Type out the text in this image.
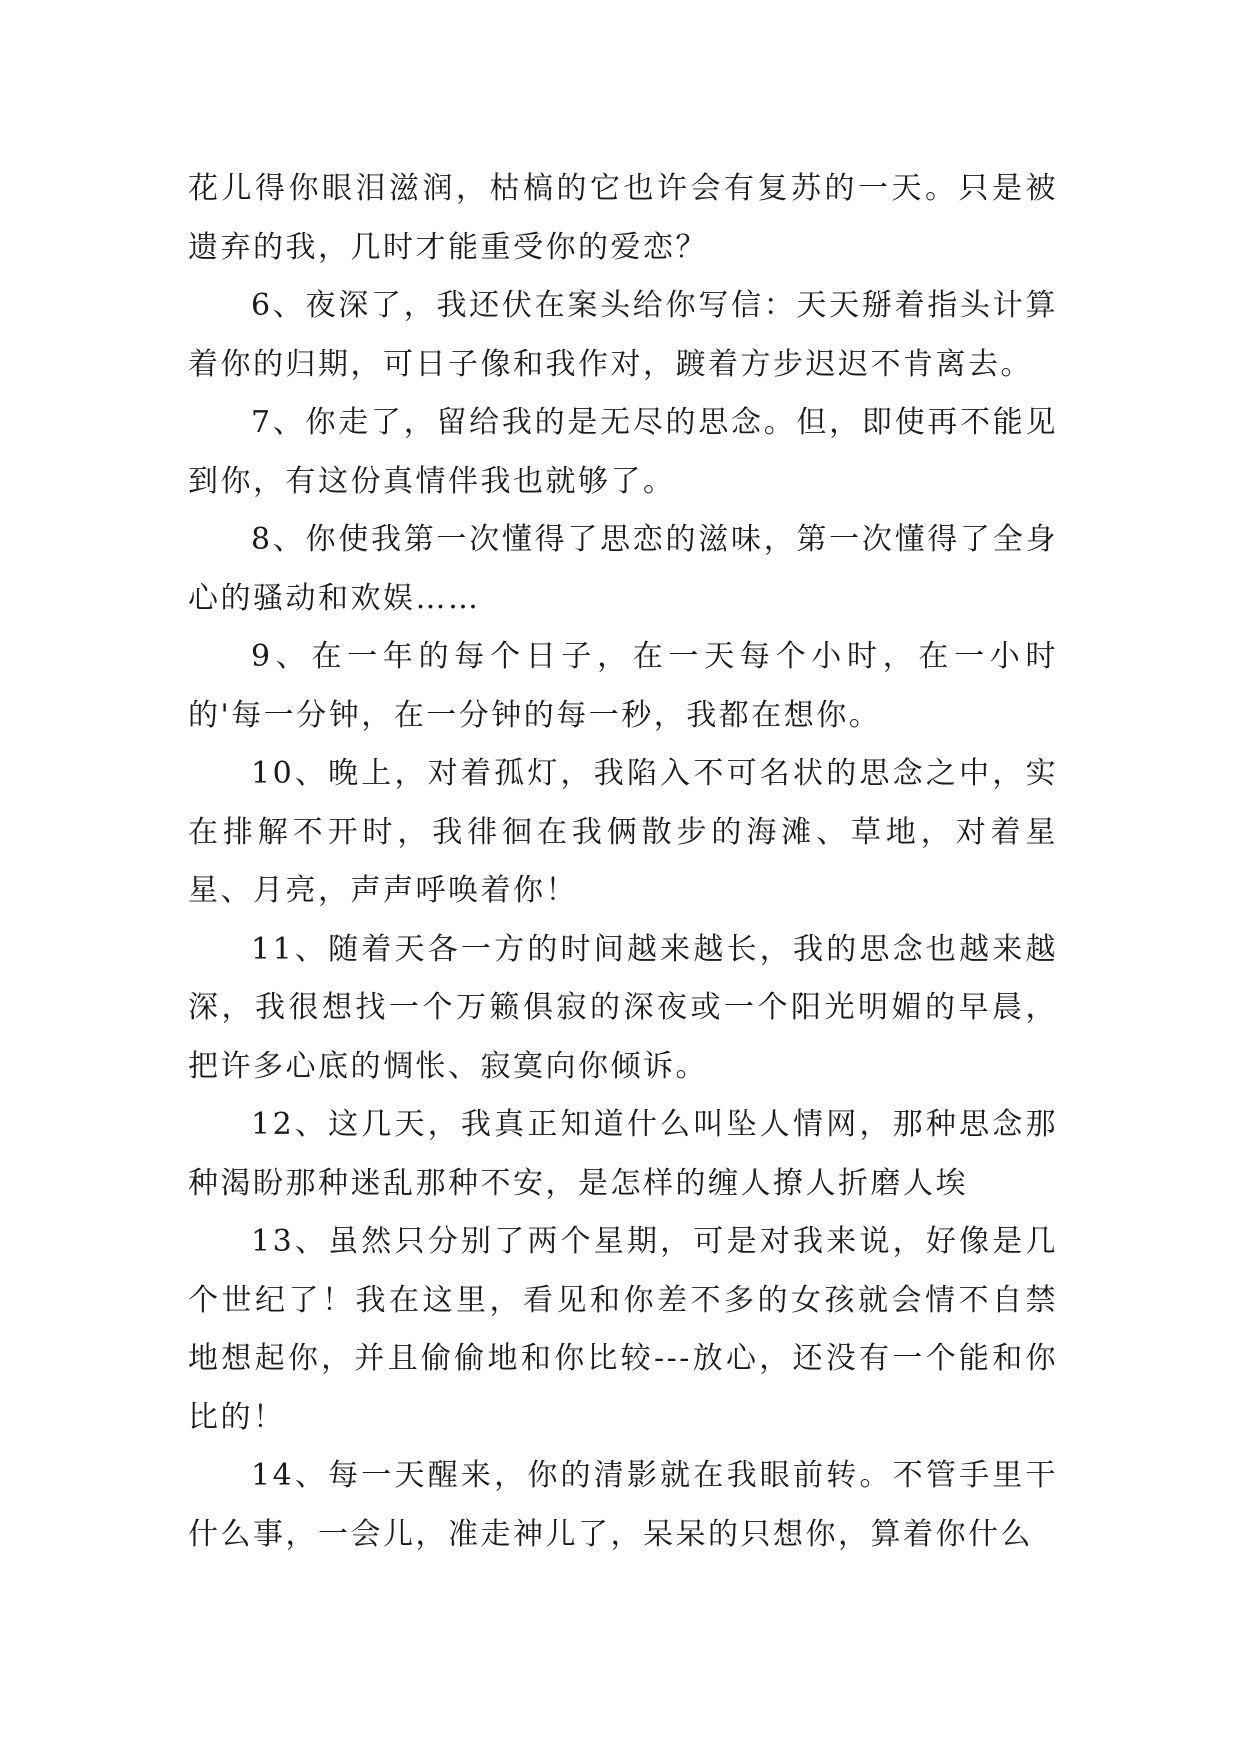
花儿得你眼泪滋润，枯槁的它也许会有复苏的一天。只是被遗弃的我，几时才能重受你的爱恋？

6、夜深了，我还伏在案头给你写信：天天掰着指头计算着你的归期，可日子像和我作对，踱着方步迟迟不肯离去。

7、你走了，留给我的是无尽的思念。但，即使再不能见到你，有这份真情伴我也就够了。

8、你使我第一次懂得了思恋的滋味，第一次懂得了全身心的骚动和欢娱……

9、在一年的每个日子，在一天每个小时，在一小时的'每一分钟，在一分钟的每一秒，我都在想你。

10、晚上，对着孤灯，我陷入不可名状的思念之中，实在排解不开时，我徘徊在我俩散步的海滩、草地，对着星星、月亮，声声呼唤着你！

11、随着天各一方的时间越来越长，我的思念也越来越深，我很想找一个万籁俱寂的深夜或一个阳光明媚的早晨，把许多心底的惆怅、寂寞向你倾诉。

12、这几天，我真正知道什么叫坠人情网，那种思念那种渴盼那种迷乱那种不安，是怎样的缠人撩人折磨人埃

13、虽然只分别了两个星期，可是对我来说，好像是几个世纪了！我在这里，看见和你差不多的女孩就会情不自禁地想起你，并且偷偷地和你比较---放心，还没有一个能和你比的！

14、每一天醒来，你的清影就在我眼前转。不管手里干什么事，一会儿，准走神儿了，呆呆的只想你，算着你什么
